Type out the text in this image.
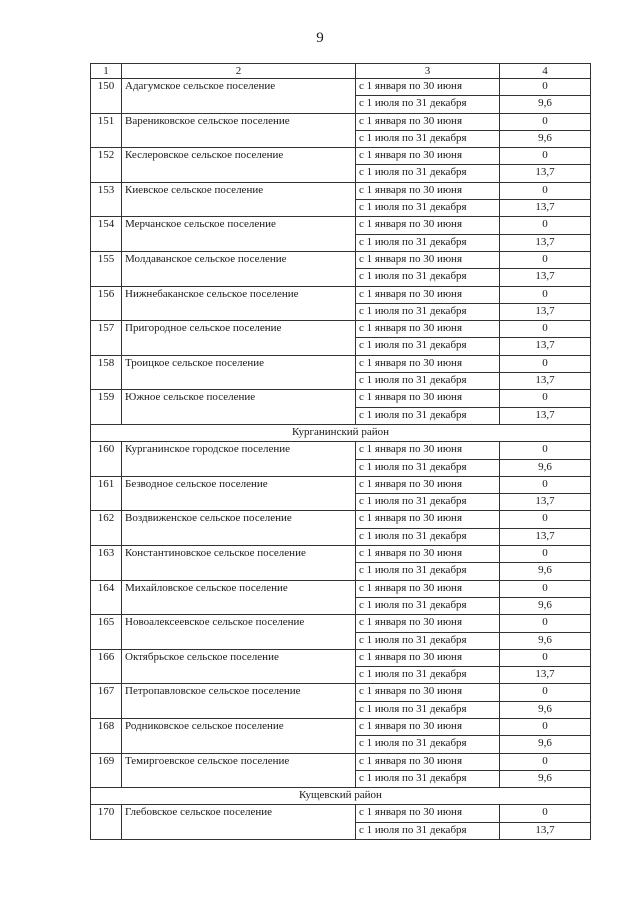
9
1	2	3	4
150	Адагумское сельское поселение	с 1 января по 30 июня	0
		с 1 июля по 31 декабря	9,6
151	Варениковское сельское поселение	с 1 января по 30 июня	0
		с 1 июля по 31 декабря	9,6
152	Кеслеровское сельское поселение	с 1 января по 30 июня	0
		с 1 июля по 31 декабря	13,7
153	Киевское сельское поселение	с 1 января по 30 июня	0
		с 1 июля по 31 декабря	13,7
154	Мерчанское сельское поселение	с 1 января по 30 июня	0
		с 1 июля по 31 декабря	13,7
155	Молдаванское сельское поселение	с 1 января по 30 июня	0
		с 1 июля по 31 декабря	13,7
156	Нижнебаканское сельское поселение	с 1 января по 30 июня	0
		с 1 июля по 31 декабря	13,7
157	Пригородное сельское поселение	с 1 января по 30 июня	0
		с 1 июля по 31 декабря	13,7
158	Троицкое сельское поселение	с 1 января по 30 июня	0
		с 1 июля по 31 декабря	13,7
159	Южное сельское поселение	с 1 января по 30 июня	0
		с 1 июля по 31 декабря	13,7
Курганинский район			
160	Курганинское городское поселение	с 1 января по 30 июня	0
		с 1 июля по 31 декабря	9,6
161	Безводное сельское поселение	с 1 января по 30 июня	0
		с 1 июля по 31 декабря	13,7
162	Воздвиженское сельское поселение	с 1 января по 30 июня	0
		с 1 июля по 31 декабря	13,7
163	Константиновское сельское поселение	с 1 января по 30 июня	0
		с 1 июля по 31 декабря	9,6
164	Михайловское сельское поселение	с 1 января по 30 июня	0
		с 1 июля по 31 декабря	9,6
165	Новоалексеевское сельское поселение	с 1 января по 30 июня	0
		с 1 июля по 31 декабря	9,6
166	Октябрьское сельское поселение	с 1 января по 30 июня	0
		с 1 июля по 31 декабря	13,7
167	Петропавловское сельское поселение	с 1 января по 30 июня	0
		с 1 июля по 31 декабря	9,6
168	Родниковское сельское поселение	с 1 января по 30 июня	0
		с 1 июля по 31 декабря	9,6
169	Темиргоевское сельское поселение	с 1 января по 30 июня	0
		с 1 июля по 31 декабря	9,6
Кущевский район			
170	Глебовское сельское поселение	с 1 января по 30 июня	0
		с 1 июля по 31 декабря	13,7
